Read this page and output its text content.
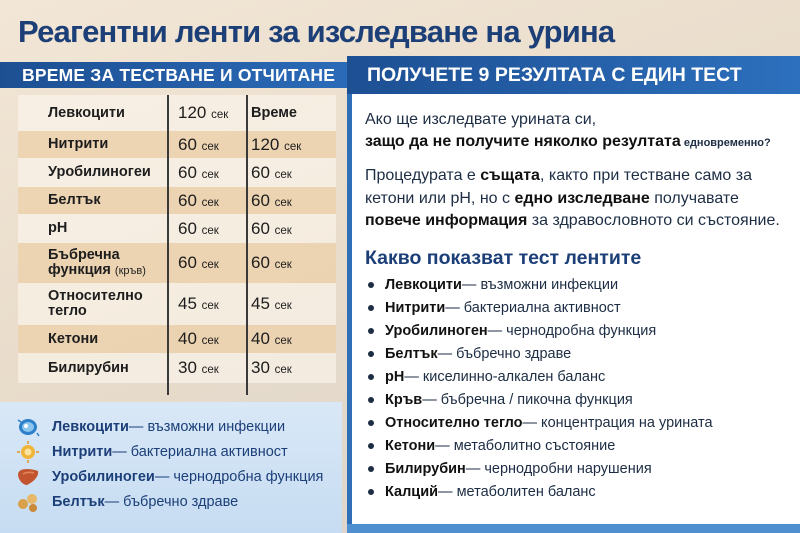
Реагентни ленти за изследване на урина
ВРЕМЕ ЗА ТЕСТВАНЕ И ОТЧИТАНЕ	ПОЛУЧЕТЕ 9 РЕЗУЛТАТА С ЕДИН ТЕСТ
Левкоцити	120 сек	Време
Нитрити	60 сек	120 сек
Уробилиногеи	60 сек	60 сек
Белтък	60 сек	60 сек
pH	60 сек	60 сек
Бъбречна
функция (кръв)	60 сек	60 сек
Относително
тегло	45 сек	45 сек
Кетони	40 сек	40 сек
Билирубин	30 сек	30 сек
Левкоцити — възможни инфекции
Нитрити — бактериална активност
Уробилиногеи — чернодробна функция
Белтък — бъбречно здраве
Ако ще изследвате урината си,
защо да не получите няколко резултата едновременно?
Процедурата е същата, както при тестване само за
кетони или pH, но с едно изследване получавате
повече информация за здравословното си състояние.
Какво показват тест лентите
Левкоцити — възможни инфекции
Нитрити — бактериална активност
Уробилиноген — чернодробна функция
Белтък — бъбречно здраве
pH — киселинно-алкален баланс
Кръв — бъбречна / пикочна функция
Относително тегло — концентрация на урината
Кетони — метаболитно състояние
Билирубин — чернодробни нарушения
Калций — метаболитен баланс
